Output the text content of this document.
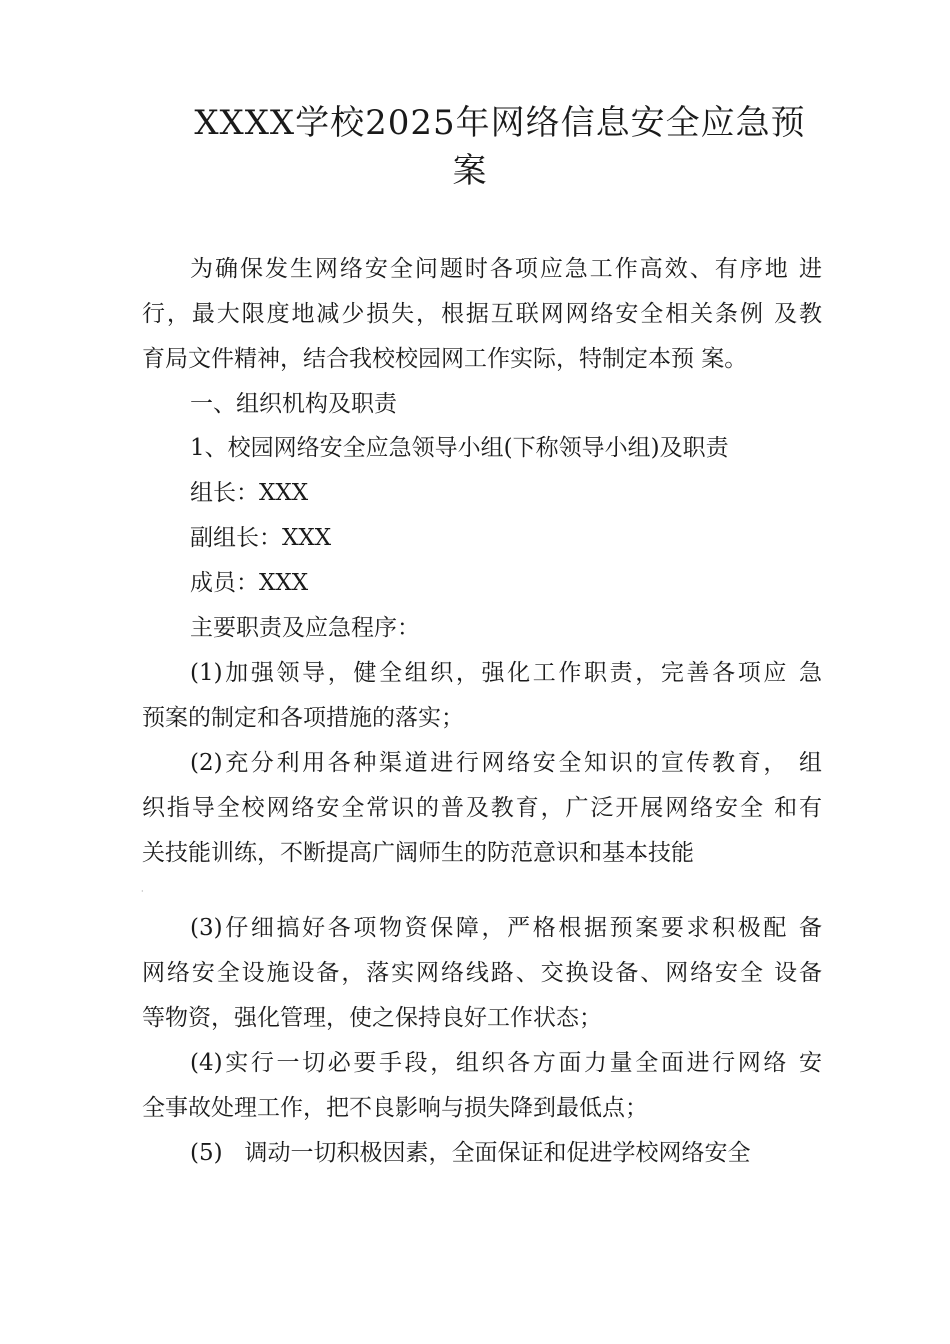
XXXX学校2025年网络信息安全应急预
案
为确保发生网络安全问题时各项应急工作高效、有序地 进
行，最大限度地减少损失，根据互联网网络安全相关条例 及教
育局文件精神，结合我校校园网工作实际，特制定本预 案。
一、组织机构及职责
1、校园网络安全应急领导小组(下称领导小组)及职责
组长：XXX
副组长：XXX
成员：XXX
主要职责及应急程序：
(1)加强领导，健全组织，强化工作职责，完善各项应 急
预案的制定和各项措施的落实；
(2)充分利用各种渠道进行网络安全知识的宣传教育， 组
织指导全校网络安全常识的普及教育，广泛开展网络安全 和有
关技能训练，不断提高广阔师生的防范意识和基本技能
·
(3)仔细搞好各项物资保障，严格根据预案要求积极配 备
网络安全设施设备，落实网络线路、交换设备、网络安全 设备
等物资，强化管理，使之保持良好工作状态；
(4)实行一切必要手段，组织各方面力量全面进行网络 安
全事故处理工作，把不良影响与损失降到最低点；
(5)   调动一切积极因素，全面保证和促进学校网络安全
